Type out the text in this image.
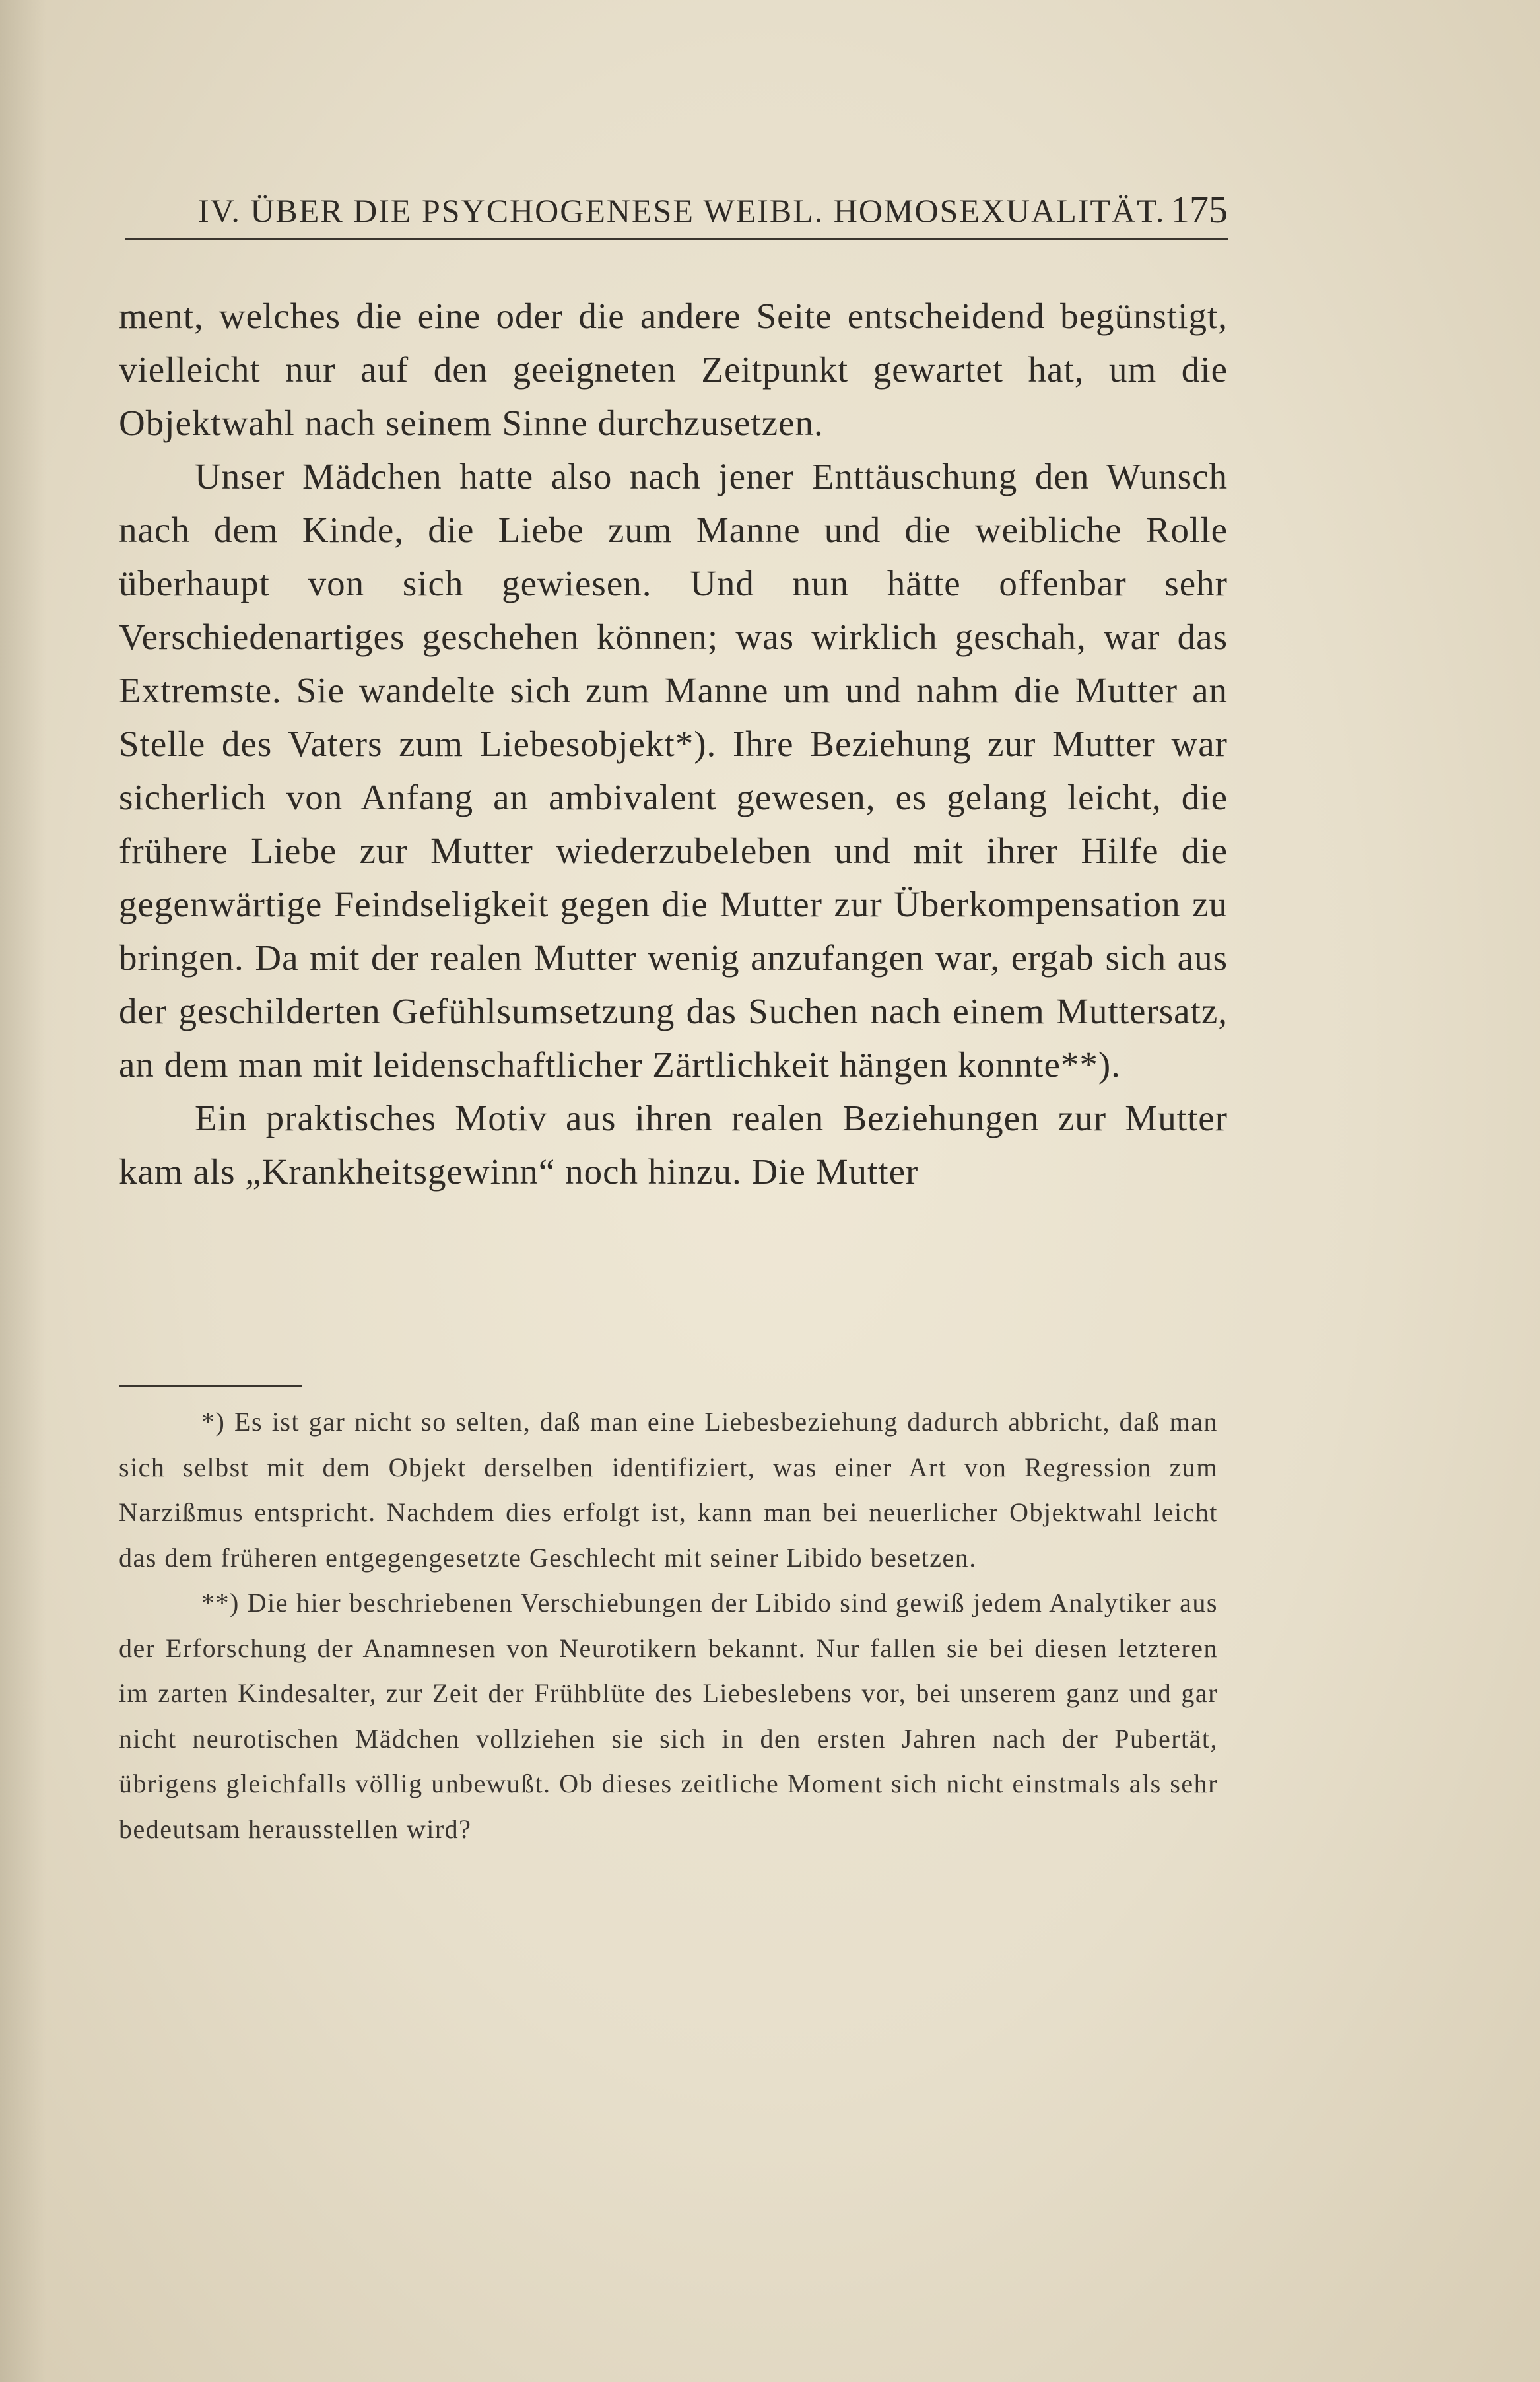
IV. ÜBER DIE PSYCHOGENESE WEIBL. HOMOSEXUALITÄT. 175

ment, welches die eine oder die andere Seite entscheidend begünstigt, vielleicht nur auf den geeigneten Zeitpunkt gewartet hat, um die Objektwahl nach seinem Sinne durchzusetzen.

Unser Mädchen hatte also nach jener Enttäuschung den Wunsch nach dem Kinde, die Liebe zum Manne und die weibliche Rolle überhaupt von sich gewiesen. Und nun hätte offenbar sehr Verschiedenartiges geschehen können; was wirklich geschah, war das Extremste. Sie wandelte sich zum Manne um und nahm die Mutter an Stelle des Vaters zum Liebesobjekt*). Ihre Beziehung zur Mutter war sicherlich von Anfang an ambivalent gewesen, es gelang leicht, die frühere Liebe zur Mutter wiederzubeleben und mit ihrer Hilfe die gegenwärtige Feindseligkeit gegen die Mutter zur Überkompensation zu bringen. Da mit der realen Mutter wenig anzufangen war, ergab sich aus der geschilderten Gefühlsumsetzung das Suchen nach einem Muttersatz, an dem man mit leidenschaftlicher Zärtlichkeit hängen konnte**).

Ein praktisches Motiv aus ihren realen Beziehungen zur Mutter kam als „Krankheitsgewinn“ noch hinzu. Die Mutter

*) Es ist gar nicht so selten, daß man eine Liebesbeziehung dadurch abbricht, daß man sich selbst mit dem Objekt derselben identifiziert, was einer Art von Regression zum Narzißmus entspricht. Nachdem dies erfolgt ist, kann man bei neuerlicher Objektwahl leicht das dem früheren entgegengesetzte Geschlecht mit seiner Libido besetzen.

**) Die hier beschriebenen Verschiebungen der Libido sind gewiß jedem Analytiker aus der Erforschung der Anamnesen von Neurotikern bekannt. Nur fallen sie bei diesen letzteren im zarten Kindesalter, zur Zeit der Frühblüte des Liebeslebens vor, bei unserem ganz und gar nicht neurotischen Mädchen vollziehen sie sich in den ersten Jahren nach der Pubertät, übrigens gleichfalls völlig unbewußt. Ob dieses zeitliche Moment sich nicht einstmals als sehr bedeutsam herausstellen wird?
